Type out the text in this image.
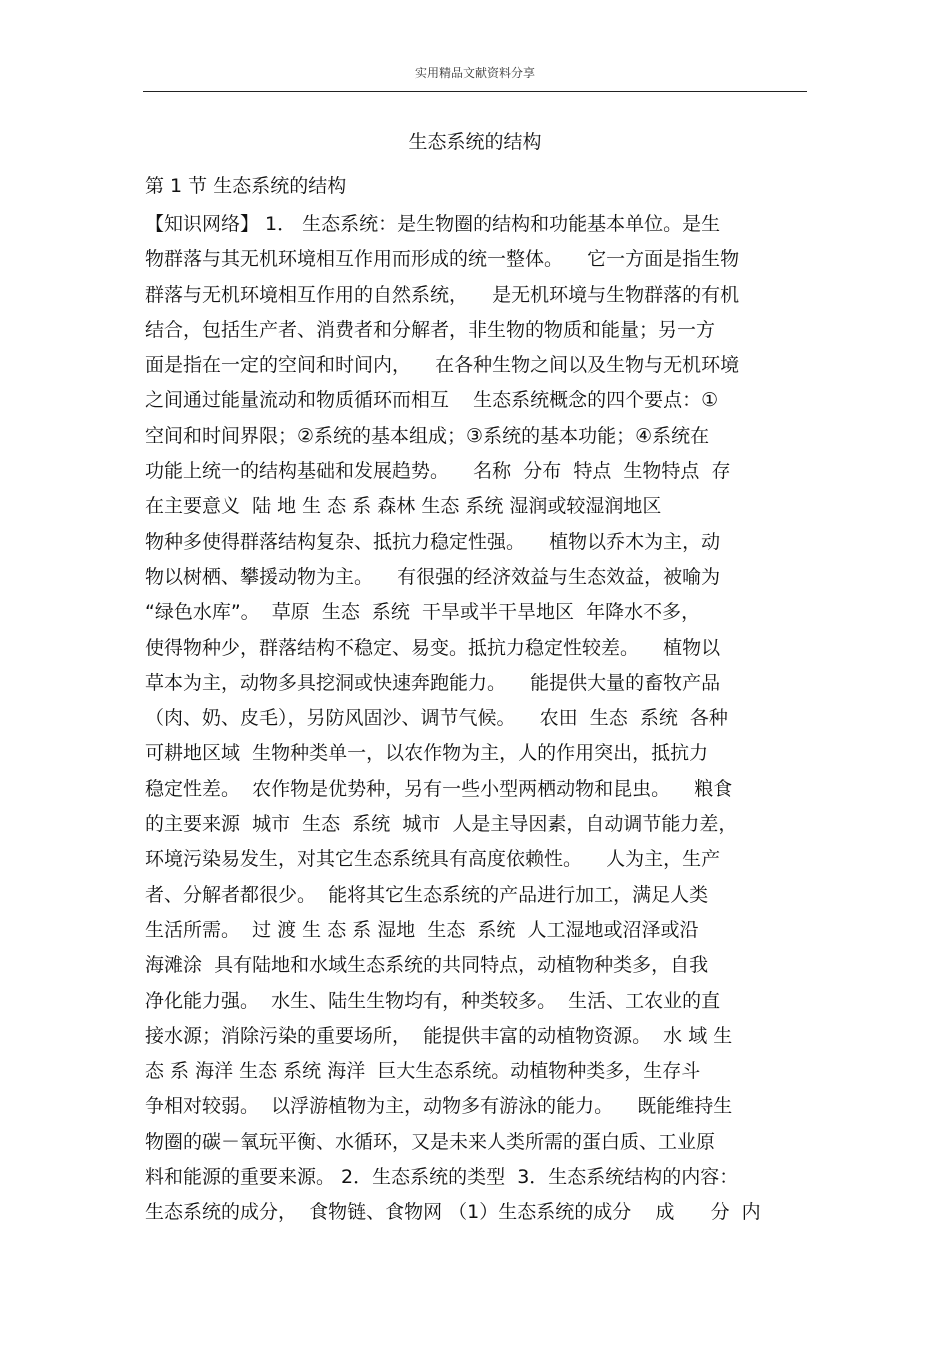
实用精品文献资料分享
生态系统的结构
第 1 节 生态系统的结构
【知识网络】 1． 生态系统：是生物圈的结构和功能基本单位。是生
物群落与其无机环境相互作用而形成的统一整体。    它一方面是指生物
群落与无机环境相互作用的自然系统，    是无机环境与生物群落的有机
结合，包括生产者、消费者和分解者，非生物的物质和能量；另一方
面是指在一定的空间和时间内，    在各种生物之间以及生物与无机环境
之间通过能量流动和物质循环而相互    生态系统概念的四个要点：①
空间和时间界限；②系统的基本组成；③系统的基本功能；④系统在
功能上统一的结构基础和发展趋势。    名称  分布  特点  生物特点  存
在主要意义  陆 地 生 态 系 森林 生态 系统 湿润或较湿润地区
物种多使得群落结构复杂、抵抗力稳定性强。    植物以乔木为主，动
物以树栖、攀援动物为主。    有很强的经济效益与生态效益，被喻为
“绿色水库”。  草原  生态  系统  干旱或半干旱地区  年降水不多，
使得物种少，群落结构不稳定、易变。抵抗力稳定性较差。    植物以
草本为主，动物多具挖洞或快速奔跑能力。    能提供大量的畜牧产品
（肉、奶、皮毛），另防风固沙、调节气候。    农田  生态  系统  各种
可耕地区域  生物种类单一，以农作物为主，人的作用突出，抵抗力
稳定性差。  农作物是优势种，另有一些小型两栖动物和昆虫。    粮食
的主要来源  城市  生态  系统  城市  人是主导因素，自动调节能力差，
环境污染易发生，对其它生态系统具有高度依赖性。    人为主，生产
者、分解者都很少。  能将其它生态系统的产品进行加工，满足人类
生活所需。  过 渡 生 态 系 湿地  生态  系统  人工湿地或沼泽或沿
海滩涂  具有陆地和水域生态系统的共同特点，动植物种类多，自我
净化能力强。  水生、陆生生物均有，种类较多。  生活、工农业的直
接水源；消除污染的重要场所，  能提供丰富的动植物资源。  水 域 生
态 系 海洋 生态 系统 海洋  巨大生态系统。动植物种类多，生存斗
争相对较弱。  以浮游植物为主，动物多有游泳的能力。    既能维持生
物圈的碳－氧玩平衡、水循环，又是未来人类所需的蛋白质、工业原
料和能源的重要来源。 2．生态系统的类型  3．生态系统结构的内容：
生态系统的成分，  食物链、食物网 （1）生态系统的成分    成      分  内
